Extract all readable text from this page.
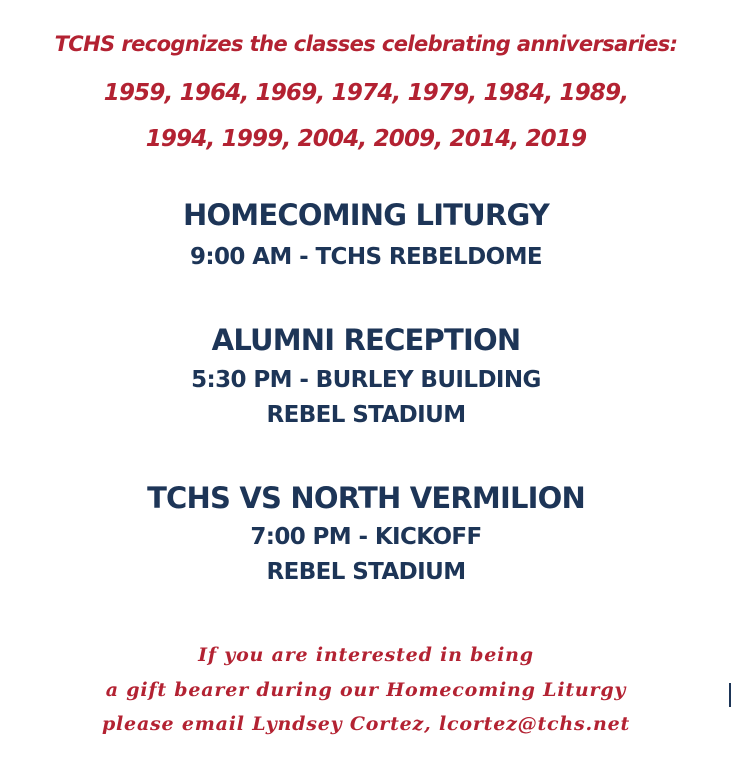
TCHS recognizes the classes celebrating anniversaries:
1959, 1964, 1969, 1974, 1979, 1984, 1989,
1994, 1999, 2004, 2009, 2014, 2019
HOMECOMING LITURGY
9:00 AM - TCHS REBELDOME
ALUMNI RECEPTION
5:30 PM - BURLEY BUILDING
REBEL STADIUM
TCHS VS NORTH VERMILION
7:00 PM - KICKOFF
REBEL STADIUM
If you are interested in being
a gift bearer during our Homecoming Liturgy
please email Lyndsey Cortez, lcortez@tchs.net
